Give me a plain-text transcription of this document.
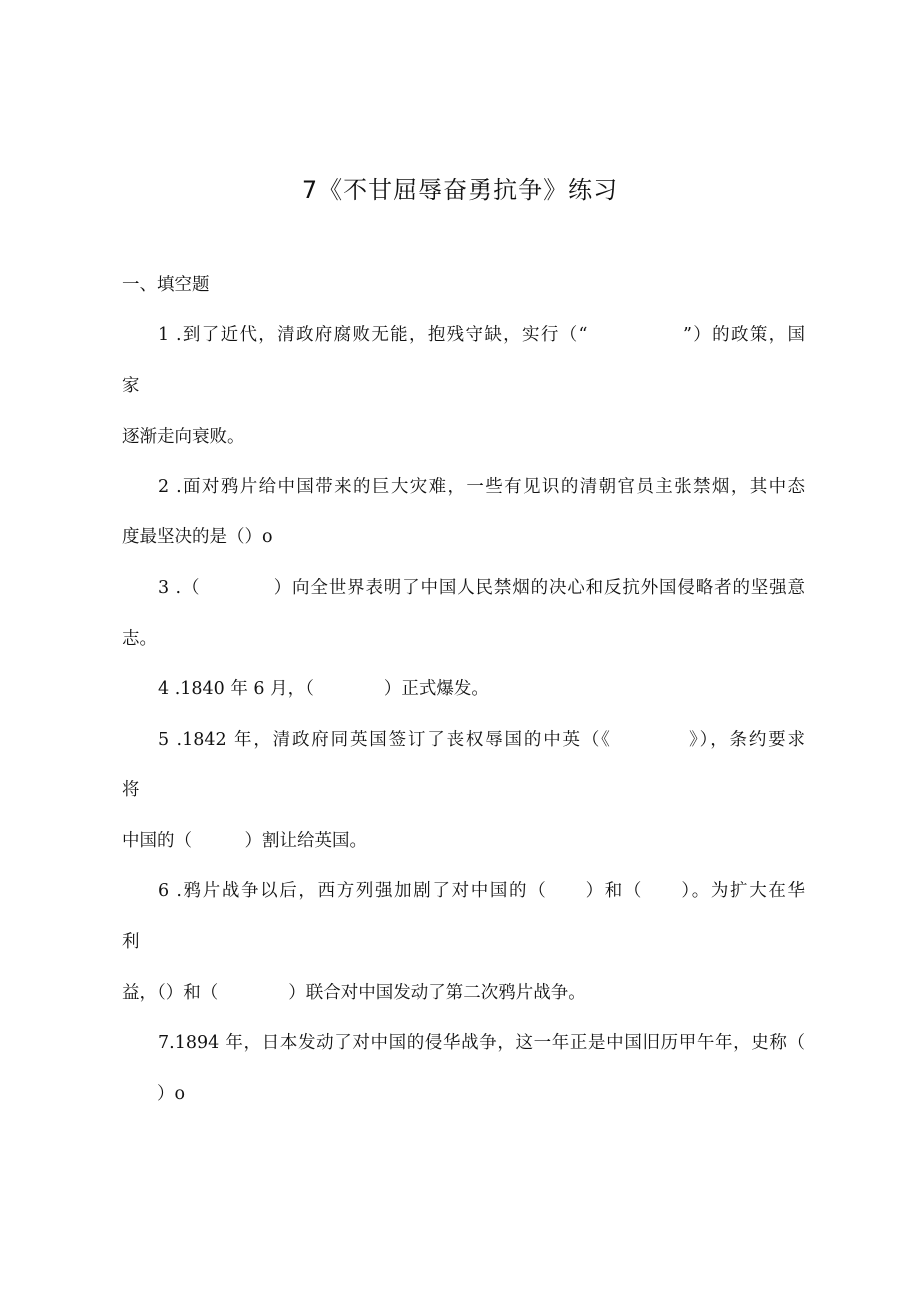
7《不甘屈辱奋勇抗争》练习
一、填空题
1 .到了近代，清政府腐败无能，抱残守缺，实行（“　　　　　”）的政策，国
家
逐渐走向衰败。
2 .面对鸦片给中国带来的巨大灾难，一些有见识的清朝官员主张禁烟，其中态
度最坚决的是（）o
3 .（　　　　）向全世界表明了中国人民禁烟的决心和反抗外国侵略者的坚强意
志。
4 .1840 年 6 月，（　　　　）正式爆发。
5 .1842 年，清政府同英国签订了丧权辱国的中英（《　　　　》），条约要求
将
中国的（　　　）割让给英国。
6 .鸦片战争以后，西方列强加剧了对中国的（　　）和（　　）。为扩大在华
利
益，（）和（　　　　）联合对中国发动了第二次鸦片战争。
7.1894 年，日本发动了对中国的侵华战争，这一年正是中国旧历甲午年，史称（
　　）o
